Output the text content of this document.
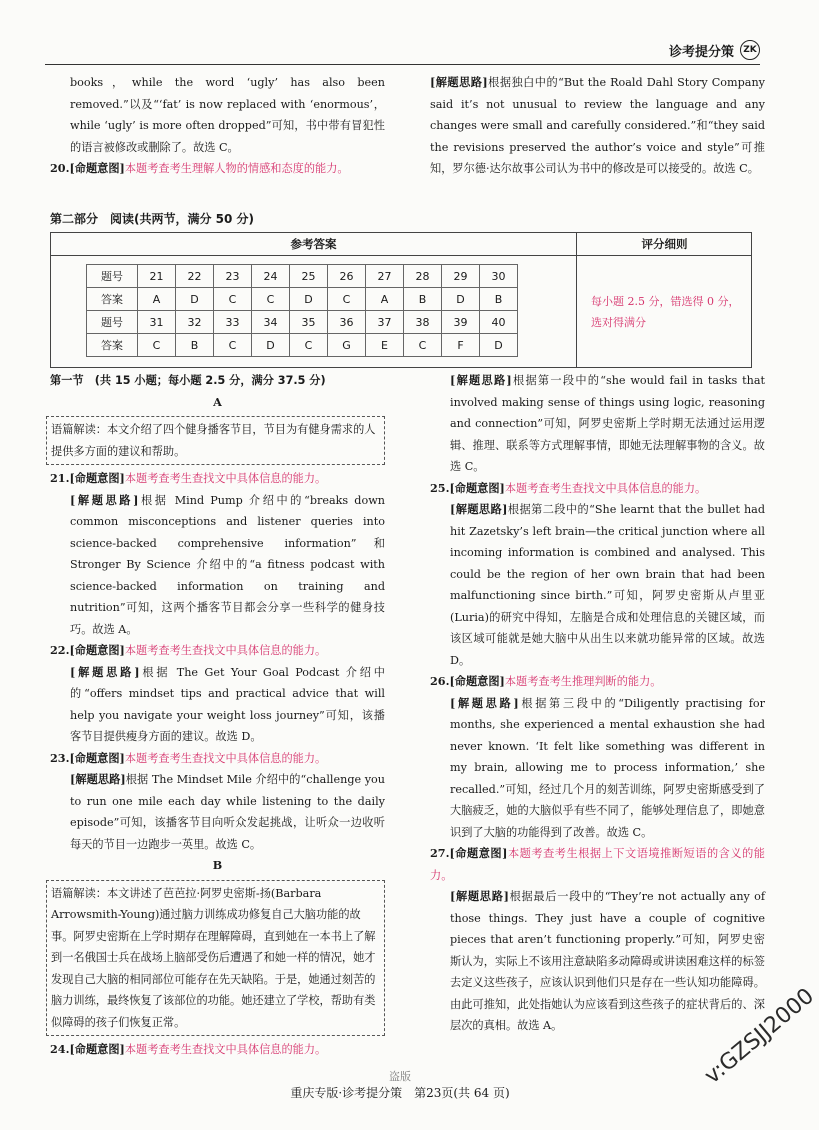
诊考提分策	ZK

books，while the word ‘ugly’ has also been removed.”以及“‘fat’ is now replaced with ‘enormous’，while ‘ugly’ is more often dropped”可知，书中带有冒犯性的语言被修改或删除了。故选 C。

20.[命题意图]本题考查考生理解人物的情感和态度的能力。

[解题思路]根据独白中的“But the Roald Dahl Story Company said it’s not unusual to review the language and any changes were small and carefully considered.”和“they said the revisions preserved the author’s voice and style”可推知，罗尔德·达尔故事公司认为书中的修改是可以接受的。故选 C。

第二部分　阅读(共两节，满分 50 分)
参考答案	评分细则
题号	21	22	23	24	25	26	27	28	29	30
答案	A	D	C	C	D	C	A	B	D	B
题号	31	32	33	34	35	36	37	38	39	40
答案	C	B	C	D	C	G	E	C	F	D
每小题 2.5 分，错选得 0 分，选对得满分

第一节　(共 15 小题；每小题 2.5 分，满分 37.5 分)

A

语篇解读：本文介绍了四个健身播客节目，节目为有健身需求的人提供多方面的建议和帮助。

21.[命题意图]本题考查考生查找文中具体信息的能力。

[解题思路]根据 Mind Pump 介绍中的“breaks down common misconceptions and listener queries into science-backed comprehensive information”和 Stronger By Science 介绍中的“a fitness podcast with science-backed information on training and nutrition”可知，这两个播客节目都会分享一些科学的健身技巧。故选 A。

22.[命题意图]本题考查考生查找文中具体信息的能力。

[解题思路]根据 The Get Your Goal Podcast 介绍中的“offers mindset tips and practical advice that will help you navigate your weight loss journey”可知，该播客节目提供瘦身方面的建议。故选 D。

23.[命题意图]本题考查考生查找文中具体信息的能力。

[解题思路]根据 The Mindset Mile 介绍中的“challenge you to run one mile each day while listening to the daily episode”可知，该播客节目向听众发起挑战，让听众一边收听每天的节目一边跑步一英里。故选 C。

B

语篇解读：本文讲述了芭芭拉·阿罗史密斯-扬(Barbara Arrowsmith-Young)通过脑力训练成功修复自己大脑功能的故事。阿罗史密斯在上学时期存在理解障碍，直到她在一本书上了解到一名俄国士兵在战场上脑部受伤后遭遇了和她一样的情况，她才发现自己大脑的相同部位可能存在先天缺陷。于是，她通过刻苦的脑力训练，最终恢复了该部位的功能。她还建立了学校，帮助有类似障碍的孩子们恢复正常。

24.[命题意图]本题考查考生查找文中具体信息的能力。

[解题思路]根据第一段中的“she would fail in tasks that involved making sense of things using logic, reasoning and connection”可知，阿罗史密斯上学时期无法通过运用逻辑、推理、联系等方式理解事情，即她无法理解事物的含义。故选 C。

25.[命题意图]本题考查考生查找文中具体信息的能力。

[解题思路]根据第二段中的“She learnt that the bullet had hit Zazetsky’s left brain—the critical junction where all incoming information is combined and analysed. This could be the region of her own brain that had been malfunctioning since birth.”可知，阿罗史密斯从卢里亚(Luria)的研究中得知，左脑是合成和处理信息的关键区域，而该区域可能就是她大脑中从出生以来就功能异常的区域。故选 D。

26.[命题意图]本题考查考生推理判断的能力。

[解题思路]根据第三段中的“Diligently practising for months, she experienced a mental exhaustion she had never known. ‘It felt like something was different in my brain, allowing me to process information,’ she recalled.”可知，经过几个月的刻苦训练，阿罗史密斯感受到了大脑疲乏，她的大脑似乎有些不同了，能够处理信息了，即她意识到了大脑的功能得到了改善。故选 C。

27.[命题意图]本题考查考生根据上下文语境推断短语的含义的能力。

[解题思路]根据最后一段中的“They’re not actually any of those things. They just have a couple of cognitive pieces that aren’t functioning properly.”可知，阿罗史密斯认为，实际上不该用注意缺陷多动障碍或讲读困难这样的标签去定义这些孩子，应该认识到他们只是存在一些认知功能障碍。由此可推知，此处指她认为应该看到这些孩子的症状背后的、深层次的真相。故选 A。

盗版
重庆专版·诊考提分策　第23页(共 64 页)
v:GZSJJ2000
